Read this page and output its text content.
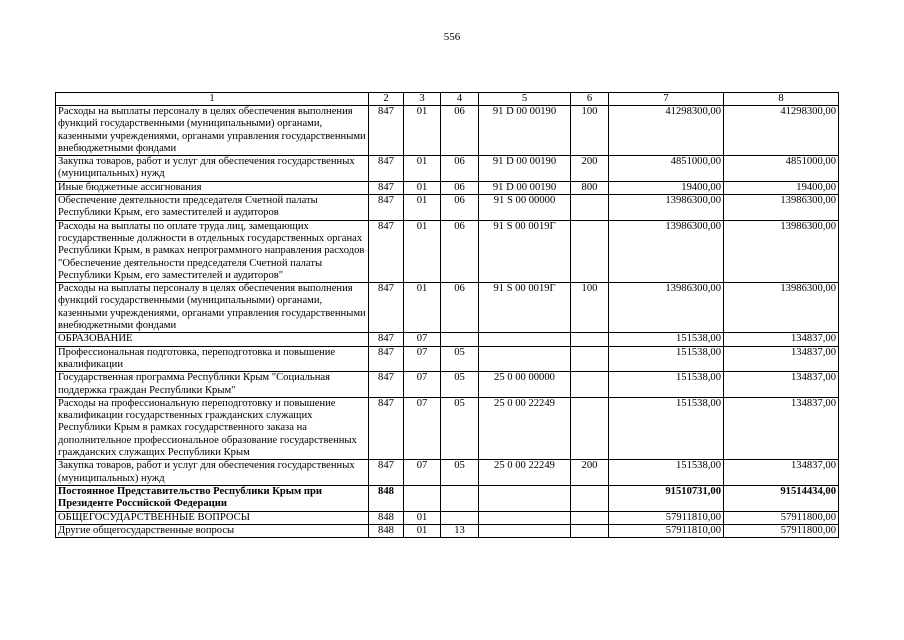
556
1	2	3	4	5	6	7	8
Расходы на выплаты персоналу в целях обеспечения выполнения функций государственными (муниципальными) органами, казенными учреждениями, органами управления государственными внебюджетными фондами	847	01	06	91 D 00 00190	100	41298300,00	41298300,00
Закупка товаров, работ и услуг для обеспечения государственных (муниципальных) нужд	847	01	06	91 D 00 00190	200	4851000,00	4851000,00
Иные бюджетные ассигнования	847	01	06	91 D 00 00190	800	19400,00	19400,00
Обеспечение деятельности председателя Счетной палаты Республики Крым, его заместителей и аудиторов	847	01	06	91 S 00 00000		13986300,00	13986300,00
Расходы на выплаты по оплате труда лиц, замещающих государственные должности в отдельных государственных органах Республики Крым, в рамках непрограммного направления расходов "Обеспечение деятельности председателя Счетной палаты Республики Крым, его заместителей и аудиторов"	847	01	06	91 S 00 0019Г		13986300,00	13986300,00
Расходы на выплаты персоналу в целях обеспечения выполнения функций государственными (муниципальными) органами, казенными учреждениями, органами управления государственными внебюджетными фондами	847	01	06	91 S 00 0019Г	100	13986300,00	13986300,00
ОБРАЗОВАНИЕ	847	07				151538,00	134837,00
Профессиональная подготовка, переподготовка и повышение квалификации	847	07	05			151538,00	134837,00
Государственная программа Республики Крым "Социальная поддержка граждан Республики Крым"	847	07	05	25 0 00 00000		151538,00	134837,00
Расходы на профессиональную переподготовку и повышение квалификации государственных гражданских служащих Республики Крым в рамках государственного заказа на дополнительное профессиональное образование государственных гражданских служащих Республики Крым	847	07	05	25 0 00 22249		151538,00	134837,00
Закупка товаров, работ и услуг для обеспечения государственных (муниципальных) нужд	847	07	05	25 0 00 22249	200	151538,00	134837,00
Постоянное Представительство Республики Крым при Президенте Российской Федерации	848					91510731,00	91514434,00
ОБЩЕГОСУДАРСТВЕННЫЕ ВОПРОСЫ	848	01				57911810,00	57911800,00
Другие общегосударственные вопросы	848	01	13			57911810,00	57911800,00
